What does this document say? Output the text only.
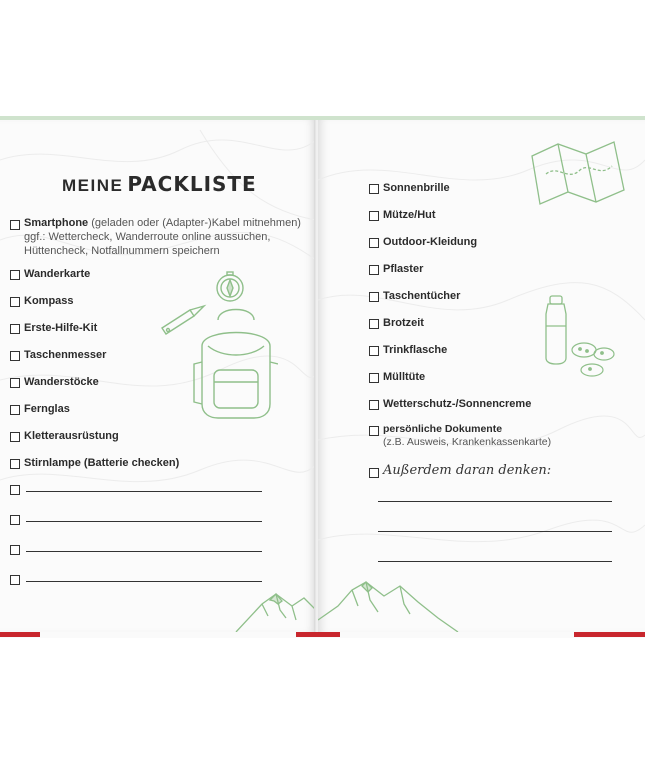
MEINE PACKLISTE
Smartphone (geladen oder (Adapter-)Kabel mitnehmen)
ggf.: Wettercheck, Wanderroute online aussuchen,
Hüttencheck, Notfallnummern speichern
Wanderkarte
Kompass
Erste-Hilfe-Kit
Taschenmesser
Wanderstöcke
Fernglas
Kletterausrüstung
Stirnlampe (Batterie checken)
Sonnenbrille
Mütze/Hut
Outdoor-Kleidung
Pflaster
Taschentücher
Brotzeit
Trinkflasche
Mülltüte
Wetterschutz-/Sonnencreme
persönliche Dokumente
(z.B. Ausweis, Krankenkassenkarte)
Außerdem daran denken:
